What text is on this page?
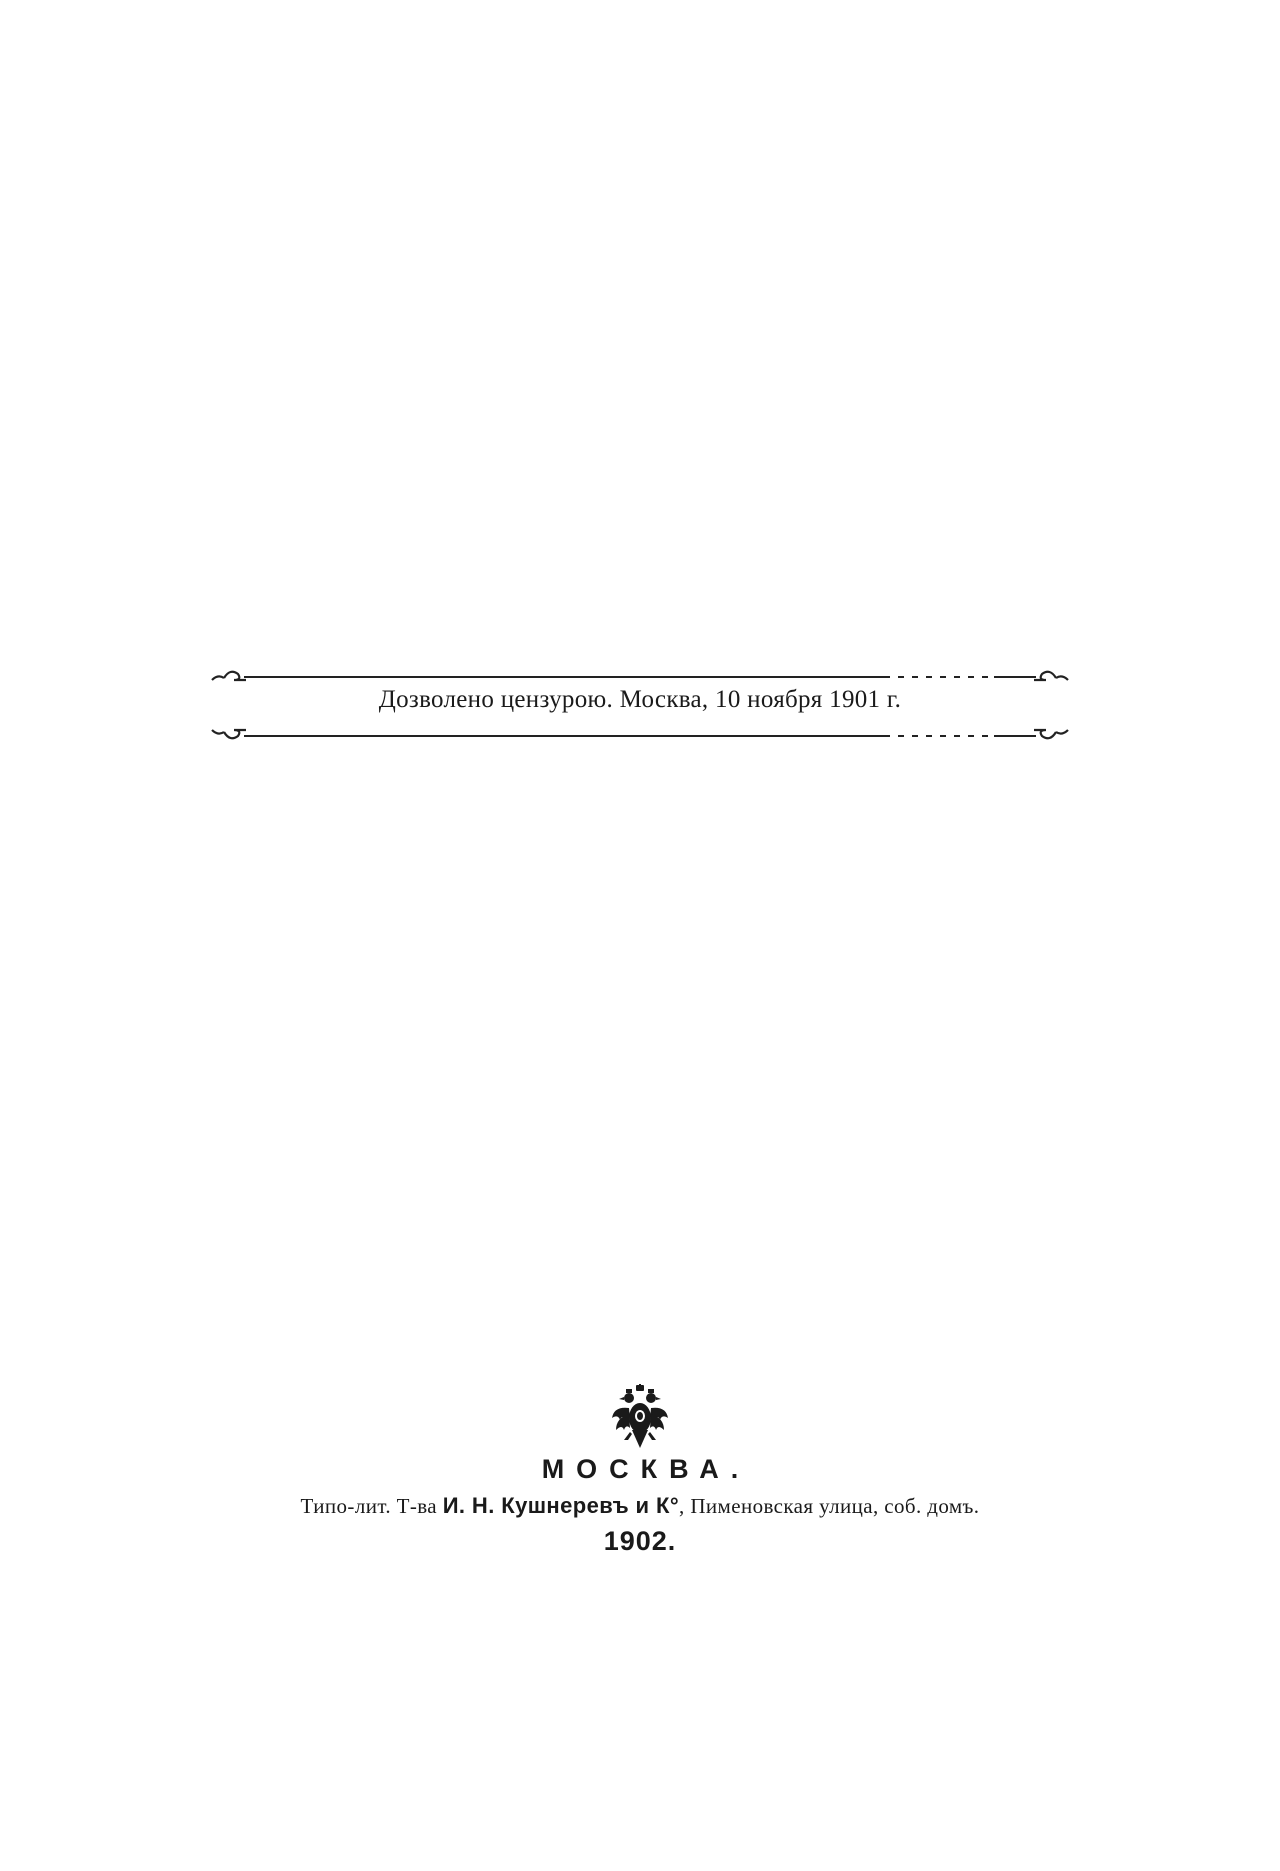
Дозволено цензурою. Москва, 10 ноября 1901 г.
МОСКВА.
Типо-лит. Т-ва И. Н. Кушнеревъ и К°, Пименовская улица, соб. домъ.
1902.
